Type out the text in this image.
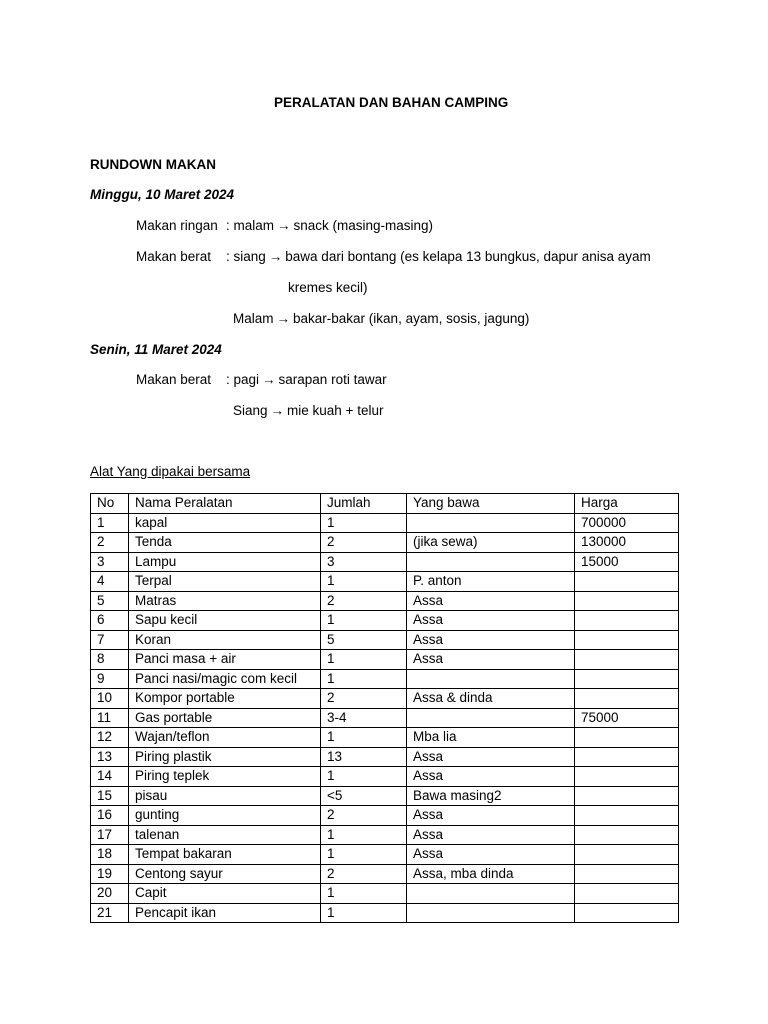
PERALATAN DAN BAHAN CAMPING
RUNDOWN MAKAN
Minggu, 10 Maret 2024
Makan ringan : malam → snack (masing-masing)
Makan berat : siang → bawa dari bontang (es kelapa 13 bungkus, dapur anisa ayam
kremes kecil)
Malam → bakar-bakar (ikan, ayam, sosis, jagung)
Senin, 11 Maret 2024
Makan berat : pagi → sarapan roti tawar
Siang → mie kuah + telur
Alat Yang dipakai bersama
No	Nama Peralatan	Jumlah	Yang bawa	Harga
1	kapal	1		700000
2	Tenda	2	(jika sewa)	130000
3	Lampu	3		15000
4	Terpal	1	P. anton	
5	Matras	2	Assa	
6	Sapu kecil	1	Assa	
7	Koran	5	Assa	
8	Panci masa + air	1	Assa	
9	Panci nasi/magic com kecil	1		
10	Kompor portable	2	Assa & dinda	
11	Gas portable	3-4		75000
12	Wajan/teflon	1	Mba lia	
13	Piring plastik	13	Assa	
14	Piring teplek	1	Assa	
15	pisau	<5	Bawa masing2	
16	gunting	2	Assa	
17	talenan	1	Assa	
18	Tempat bakaran	1	Assa	
19	Centong sayur	2	Assa, mba dinda	
20	Capit	1		
21	Pencapit ikan	1		
